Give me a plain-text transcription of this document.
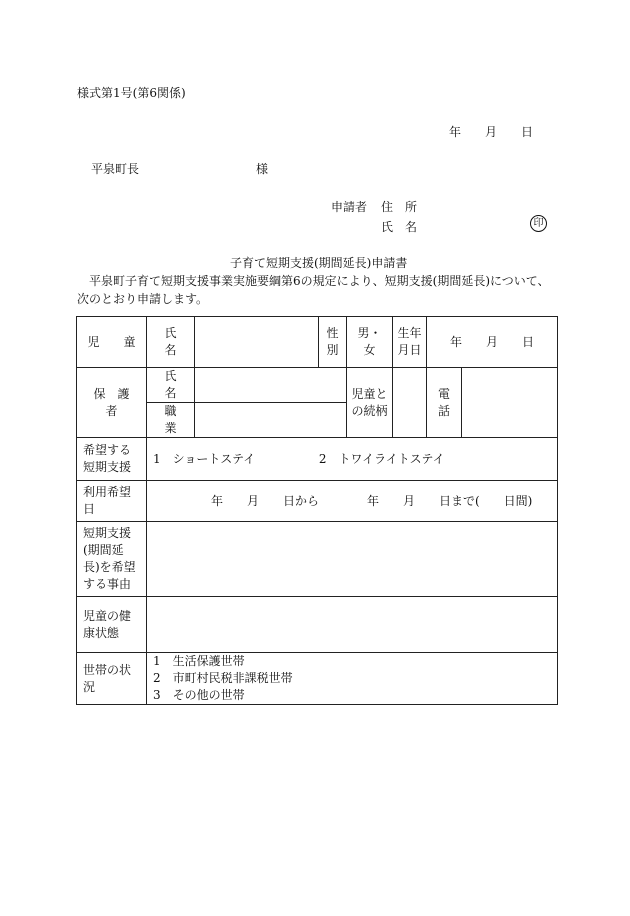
様式第1号(第6関係)
年　　月　　日
平泉町長	様
申請者 住　所
氏　名	印
子育て短期支援(期間延長)申請書
平泉町子育て短期支援事業実施要綱第6の規定により、短期支援(期間延長)について、次のとおり申請します。
児　　童	氏　名		性別	男・女	生年月日	年　　月　　日	
保　護　者	氏　名			児童との続柄		電話	
	職　業						
希望する短期支援	1　ショートステイ 2　トワイライトステイ						
利用希望日	年　　月　　日から　　　　年　　月　　日まで(　　日間)						
短期支援(期間延長)を希望する事由							
児童の健康状態							
世帯の状況	1　生活保護世帯
2　市町村民税非課税世帯
3　その他の世帯						
